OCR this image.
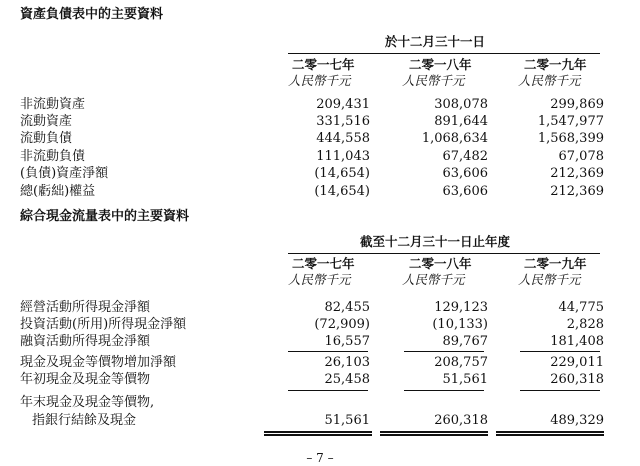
資產負債表中的主要資料
於十二月三十一日
二零一七年	二零一八年	二零一九年
人民幣千元	人民幣千元	人民幣千元
非流動資產	209,431	308,078	299,869
流動資產	331,516	891,644	1,547,977
流動負債	444,558	1,068,634	1,568,399
非流動負債	111,043	67,482	67,078
(負債)資產淨額	(14,654)	63,606	212,369
總(虧絀)權益	(14,654)	63,606	212,369
綜合現金流量表中的主要資料
截至十二月三十一日止年度
二零一七年	二零一八年	二零一九年
人民幣千元	人民幣千元	人民幣千元
經營活動所得現金淨額	82,455	129,123	44,775
投資活動(所用)所得現金淨額	(72,909)	(10,133)	2,828
融資活動所得現金淨額	16,557	89,767	181,408
現金及現金等價物增加淨額	26,103	208,757	229,011
年初現金及現金等價物	25,458	51,561	260,318
年末現金及現金等價物,
指銀行結餘及現金	51,561	260,318	489,329
– 7 –
